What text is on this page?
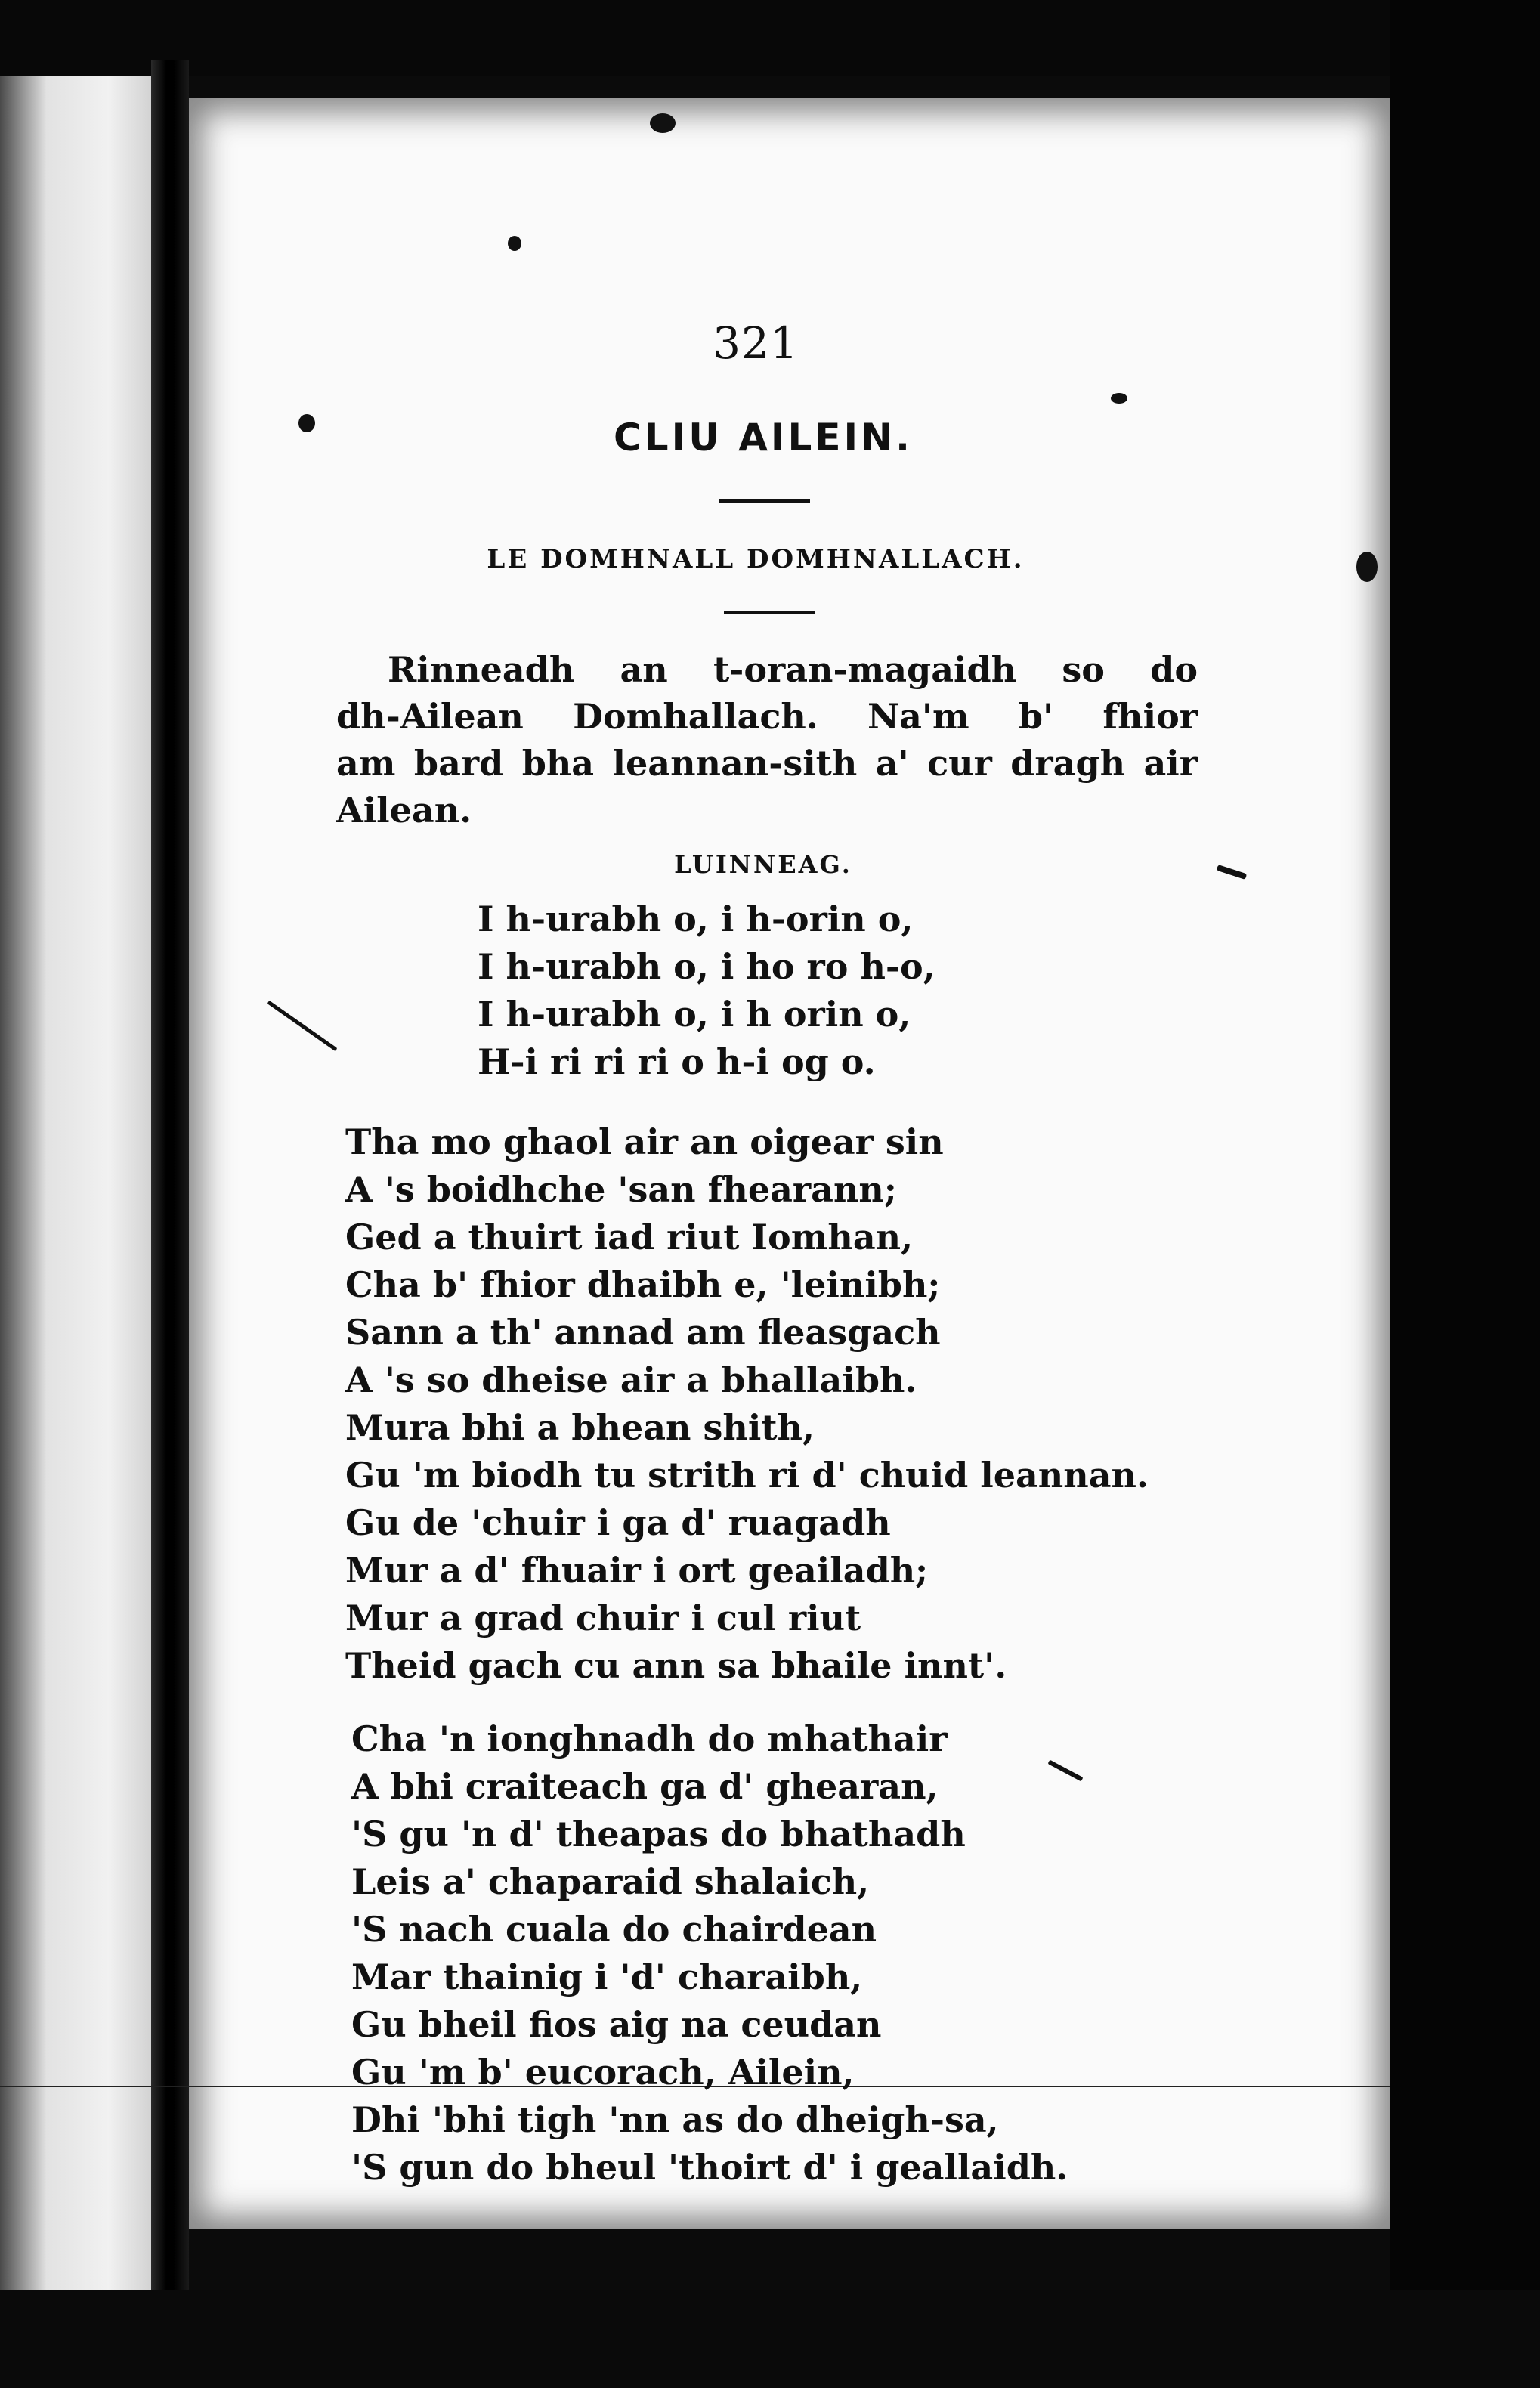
321
CLIU AILEIN.
LE DOMHNALL DOMHNALLACH.
Rinneadh an t-oran-magaidh so do
dh-Ailean Domhallach. Na'm b' fhior
am bard bha leannan-sith a' cur dragh air
Ailean.
LUINNEAG.
I h-urabh o, i h-orin o,
I h-urabh o, i ho ro h-o,
I h-urabh o, i h orin o,
H-i ri ri ri o h-i og o.
Tha mo ghaol air an oigear sin
A 's boidhche 'san fhearann;
Ged a thuirt iad riut Iomhan,
Cha b' fhior dhaibh e, 'leinibh;
Sann a th' annad am fleasgach
A 's so dheise air a bhallaibh.
Mura bhi a bhean shith,
Gu 'm biodh tu strith ri d' chuid leannan.
Gu de 'chuir i ga d' ruagadh
Mur a d' fhuair i ort geailadh;
Mur a grad chuir i cul riut
Theid gach cu ann sa bhaile innt'.
Cha 'n ionghnadh do mhathair
A bhi craiteach ga d' ghearan,
'S gu 'n d' theapas do bhathadh
Leis a' chaparaid shalaich,
'S nach cuala do chairdean
Mar thainig i 'd' charaibh,
Gu bheil fios aig na ceudan
Gu 'm b' eucorach, Ailein,
Dhi 'bhi tigh 'nn as do dheigh-sa,
'S gun do bheul 'thoirt d' i geallaidh.
